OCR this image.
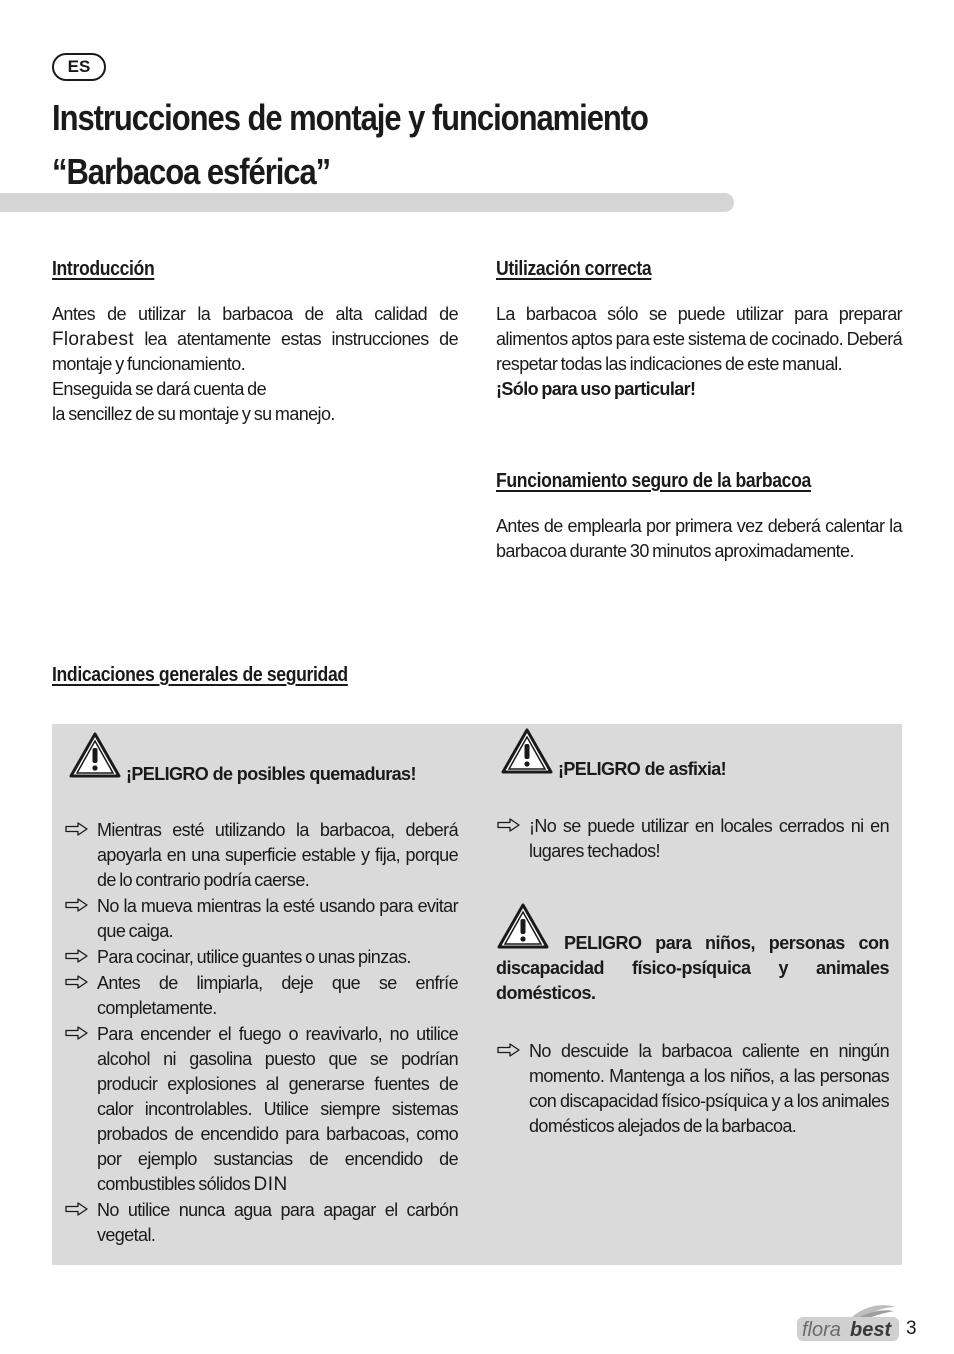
ES
Instrucciones de montaje y funcionamiento
“Barbacoa esférica”
Introducción

Antes de utilizar la barbacoa de alta calidad de Florabest lea atentamente estas instrucciones de montaje y funcionamiento.

Enseguida se dará cuenta de

la sencillez de su montaje y su manejo.

Utilización correcta

La barbacoa sólo se puede utilizar para preparar alimentos aptos para este sistema de cocinado. Deberá respetar todas las indicaciones de este manual.

¡Sólo para uso particular!

Funcionamiento seguro de la barbacoa

Antes de emplearla por primera vez deberá calentar la barbacoa durante 30 minutos aproximadamente.

Indicaciones generales de seguridad
¡PELIGRO de posibles quemaduras!
Mientras esté utilizando la barbacoa, deberá apoyarla en una superficie estable y fija, porque de lo contrario podría caerse.
No la mueva mientras la esté usando para evitar que caiga.
Para cocinar, utilice guantes o unas pinzas.
Antes de limpiarla, deje que se enfríe completamente.
Para encender el fuego o reavivarlo, no utilice alcohol ni gasolina puesto que se podrían producir explosiones al generarse fuentes de calor incontrolables. Utilice siempre sistemas probados de encendido para barbacoas, como por ejemplo sustancias de encendido de combustibles sólidos DIN
No utilice nunca agua para apagar el carbón vegetal.
¡PELIGRO de asfixia!
¡No se puede utilizar en locales cerrados ni en lugares techados!
PELIGRO para niños, personas con discapacidad físico-psíquica y animales domésticos.
No descuide la barbacoa caliente en ningún momento. Mantenga a los niños, a las personas con discapacidad físico-psíquica y a los animales domésticos alejados de la barbacoa.
flora best 3
